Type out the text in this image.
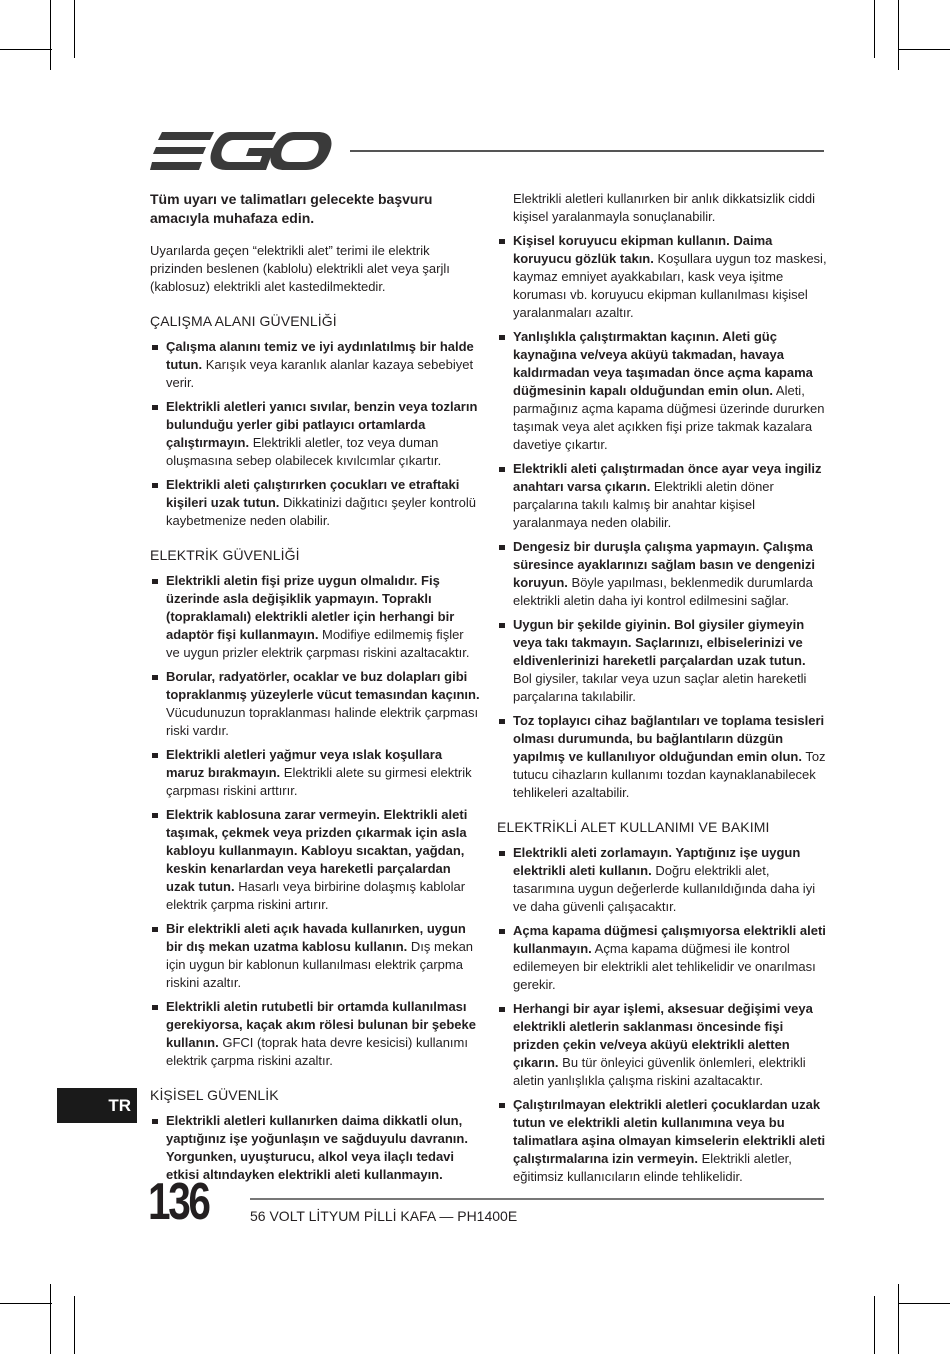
Tüm uyarı ve talimatları gelecekte başvuru amacıyla muhafaza edin.

Uyarılarda geçen “elektrikli alet” terimi ile elektrik prizinden beslenen (kablolu) elektrikli alet veya şarjlı (kablosuz) elektrikli alet kastedilmektedir.

ÇALIŞMA ALANI GÜVENLİĞİ
Çalışma alanını temiz ve iyi aydınlatılmış bir halde tutun. Karışık veya karanlık alanlar kazaya sebebiyet verir.
Elektrikli aletleri yanıcı sıvılar, benzin veya tozların bulunduğu yerler gibi patlayıcı ortamlarda çalıştırmayın. Elektrikli aletler, toz veya duman oluşmasına sebep olabilecek kıvılcımlar çıkartır.
Elektrikli aleti çalıştırırken çocukları ve etraftaki kişileri uzak tutun. Dikkatinizi dağıtıcı şeyler kontrolü kaybetmenize neden olabilir.
ELEKTRİK GÜVENLİĞİ
Elektrikli aletin fişi prize uygun olmalıdır. Fiş üzerinde asla değişiklik yapmayın. Topraklı (topraklamalı) elektrikli aletler için herhangi bir adaptör fişi kullanmayın. Modifiye edilmemiş fişler ve uygun prizler elektrik çarpması riskini azaltacaktır.
Borular, radyatörler, ocaklar ve buz dolapları gibi topraklanmış yüzeylerle vücut temasından kaçının. Vücudunuzun topraklanması halinde elektrik çarpması riski vardır.
Elektrikli aletleri yağmur veya ıslak koşullara maruz bırakmayın. Elektrikli alete su girmesi elektrik çarpması riskini arttırır.
Elektrik kablosuna zarar vermeyin. Elektrikli aleti taşımak, çekmek veya prizden çıkarmak için asla kabloyu kullanmayın. Kabloyu sıcaktan, yağdan, keskin kenarlardan veya hareketli parçalardan uzak tutun. Hasarlı veya birbirine dolaşmış kablolar elektrik çarpma riskini artırır.
Bir elektrikli aleti açık havada kullanırken, uygun bir dış mekan uzatma kablosu kullanın. Dış mekan için uygun bir kablonun kullanılması elektrik çarpma riskini azaltır.
Elektrikli aletin rutubetli bir ortamda kullanılması gerekiyorsa, kaçak akım rölesi bulunan bir şebeke kullanın. GFCI (toprak hata devre kesicisi) kullanımı elektrik çarpma riskini azaltır.
KİŞİSEL GÜVENLİK
Elektrikli aletleri kullanırken daima dikkatli olun, yaptığınız işe yoğunlaşın ve sağduyulu davranın. Yorgunken, uyuşturucu, alkol veya ilaçlı tedavi etkisi altındayken elektrikli aleti kullanmayın.

Elektrikli aletleri kullanırken bir anlık dikkatsizlik ciddi kişisel yaralanmayla sonuçlanabilir.

Kişisel koruyucu ekipman kullanın. Daima koruyucu gözlük takın. Koşullara uygun toz maskesi, kaymaz emniyet ayakkabıları, kask veya işitme koruması vb. koruyucu ekipman kullanılması kişisel yaralanmaları azaltır.
Yanlışlıkla çalıştırmaktan kaçının. Aleti güç kaynağına ve/veya aküyü takmadan, havaya kaldırmadan veya taşımadan önce açma kapama düğmesinin kapalı olduğundan emin olun. Aleti, parmağınız açma kapama düğmesi üzerinde dururken taşımak veya alet açıkken fişi prize takmak kazalara davetiye çıkartır.
Elektrikli aleti çalıştırmadan önce ayar veya ingiliz anahtarı varsa çıkarın. Elektrikli aletin döner parçalarına takılı kalmış bir anahtar kişisel yaralanmaya neden olabilir.
Dengesiz bir duruşla çalışma yapmayın. Çalışma süresince ayaklarınızı sağlam basın ve dengenizi koruyun. Böyle yapılması, beklenmedik durumlarda elektrikli aletin daha iyi kontrol edilmesini sağlar.
Uygun bir şekilde giyinin. Bol giysiler giymeyin veya takı takmayın. Saçlarınızı, elbiselerinizi ve eldivenlerinizi hareketli parçalardan uzak tutun. Bol giysiler, takılar veya uzun saçlar aletin hareketli parçalarına takılabilir.
Toz toplayıcı cihaz bağlantıları ve toplama tesisleri olması durumunda, bu bağlantıların düzgün yapılmış ve kullanılıyor olduğundan emin olun. Toz tutucu cihazların kullanımı tozdan kaynaklanabilecek tehlikeleri azaltabilir.
ELEKTRİKLİ ALET KULLANIMI VE BAKIMI
Elektrikli aleti zorlamayın. Yaptığınız işe uygun elektrikli aleti kullanın. Doğru elektrikli alet, tasarımına uygun değerlerde kullanıldığında daha iyi ve daha güvenli çalışacaktır.
Açma kapama düğmesi çalışmıyorsa elektrikli aleti kullanmayın. Açma kapama düğmesi ile kontrol edilemeyen bir elektrikli alet tehlikelidir ve onarılması gerekir.
Herhangi bir ayar işlemi, aksesuar değişimi veya elektrikli aletlerin saklanması öncesinde fişi prizden çekin ve/veya aküyü elektrikli aletten çıkarın. Bu tür önleyici güvenlik önlemleri, elektrikli aletin yanlışlıkla çalışma riskini azaltacaktır.
Çalıştırılmayan elektrikli aletleri çocuklardan uzak tutun ve elektrikli aletin kullanımına veya bu talimatlara aşina olmayan kimselerin elektrikli aleti çalıştırmalarına izin vermeyin. Elektrikli aletler, eğitimsiz kullanıcıların elinde tehlikelidir.
TR
136	56 VOLT LİTYUM PİLLİ KAFA — PH1400E
